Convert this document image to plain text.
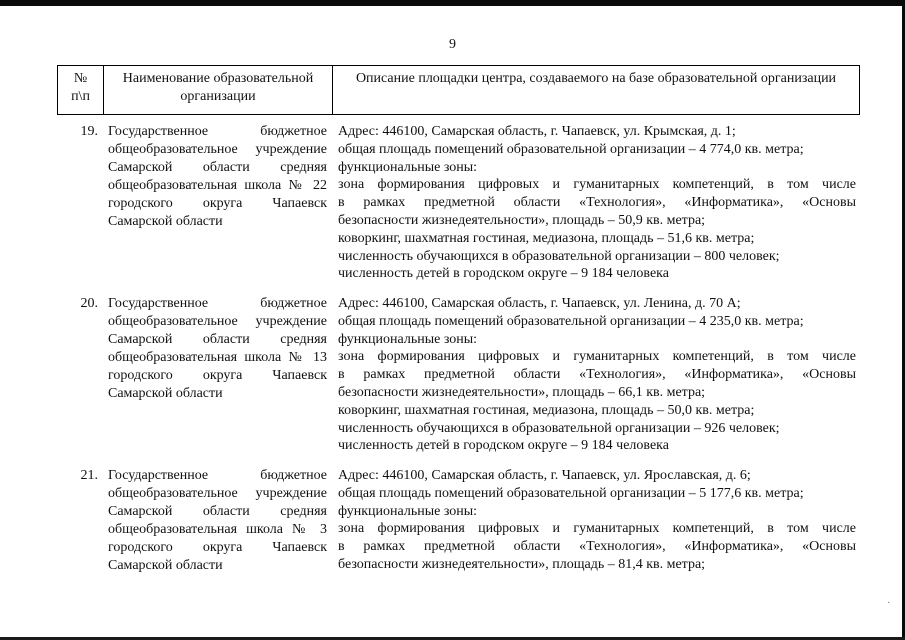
9
№
п\п
Наименование образовательной
организации
Описание площадки центра, создаваемого на базе образовательной организации
19. Государственное бюджетное
общеобразовательное учреждение
Самарской области средняя
общеобразовательная школа № 22
городского округа Чапаевск
Самарской области
Адрес: 446100, Самарская область, г. Чапаевск, ул. Крымская, д. 1;
общая площадь помещений образовательной организации – 4 774,0 кв. метра;
функциональные зоны:
зона формирования цифровых и гуманитарных компетенций, в том числе
в рамках предметной области «Технология», «Информатика», «Основы
безопасности жизнедеятельности», площадь – 50,9 кв. метра;
коворкинг, шахматная гостиная, медиазона, площадь – 51,6 кв. метра;
численность обучающихся в образовательной организации – 800 человек;
численность детей в городском округе – 9 184 человека
20. Государственное бюджетное
общеобразовательное учреждение
Самарской области средняя
общеобразовательная школа № 13
городского округа Чапаевск
Самарской области
Адрес: 446100, Самарская область, г. Чапаевск, ул. Ленина, д. 70 А;
общая площадь помещений образовательной организации – 4 235,0 кв. метра;
функциональные зоны:
зона формирования цифровых и гуманитарных компетенций, в том числе
в рамках предметной области «Технология», «Информатика», «Основы
безопасности жизнедеятельности», площадь – 66,1 кв. метра;
коворкинг, шахматная гостиная, медиазона, площадь – 50,0 кв. метра;
численность обучающихся в образовательной организации – 926 человек;
численность детей в городском округе – 9 184 человека
21. Государственное бюджетное
общеобразовательное учреждение
Самарской области средняя
общеобразовательная школа № 3
городского округа Чапаевск
Самарской области
Адрес: 446100, Самарская область, г. Чапаевск, ул. Ярославская, д. 6;
общая площадь помещений образовательной организации – 5 177,6 кв. метра;
функциональные зоны:
зона формирования цифровых и гуманитарных компетенций, в том числе
в рамках предметной области «Технология», «Информатика», «Основы
безопасности жизнедеятельности», площадь – 81,4 кв. метра;
·
